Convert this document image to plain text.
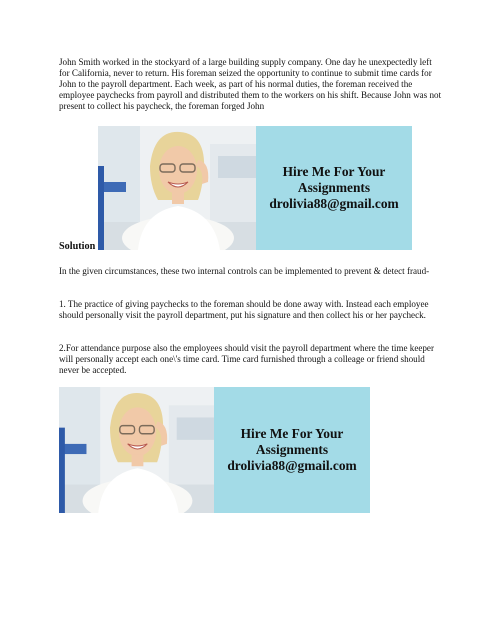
John Smith worked in the stockyard of a large building supply company. One day he unexpectedly left for California, never to return. His foreman seized the opportunity to continue to submit time cards for John to the payroll department. Each week, as part of his normal duties, the foreman received the employee paychecks from payroll and distributed them to the workers on his shift. Because John was not present to collect his paycheck, the foreman forged John

Hire Me For Your
Assignments
drolivia88@gmail.com

Solution

In the given circumstances, these two internal controls can be implemented to prevent & detect fraud-

1. The practice of giving paychecks to the foreman should be done away with. Instead each employee should personally visit the payroll department, put his signature and then collect his or her paycheck.

2.For attendance purpose also the employees should visit the payroll department where the time keeper will personally accept each one\'s time card. Time card furnished through a colleage or friend should never be accepted.

Hire Me For Your
Assignments
drolivia88@gmail.com
